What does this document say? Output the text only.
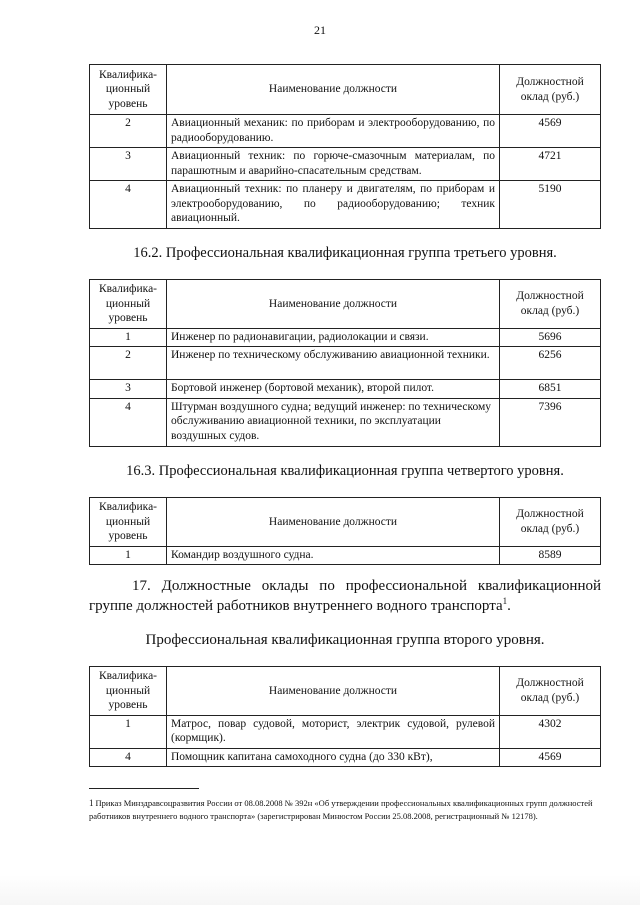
21
Квалифика- ционный уровень	Наименование должности	Должностной оклад (руб.)

2	Авиационный механик: по приборам и электрооборудованию, по радиооборудованию.	4569
3	Авиационный техник: по горюче-смазочным материалам, по парашютным и аварийно-спасательным средствам.	4721
4	Авиационный техник: по планеру и двигателям, по приборам и электрооборудованию, по радиооборудованию; техник авиационный.	5190
16.2. Профессиональная квалификационная группа третьего уровня.
Квалифика- ционный уровень	Наименование должности	Должностной оклад (руб.)

1	Инженер по радионавигации, радиолокации и связи.	5696
2	Инженер по техническому обслуживанию авиационной техники.	6256
3	Бортовой инженер (бортовой механик), второй пилот.	6851
4	Штурман воздушного судна; ведущий инженер: по техническому обслуживанию авиационной техники, по эксплуатации воздушных судов.	7396
16.3. Профессиональная квалификационная группа четвертого уровня.
Квалифика- ционный уровень	Наименование должности	Должностной оклад (руб.)

1	Командир воздушного судна.	8589
17. Должностные оклады по профессиональной квалификационной группе должностей работников внутреннего водного транспорта$^1$.
Профессиональная квалификационная группа второго уровня.
Квалифика- ционный уровень	Наименование должности	Должностной оклад (руб.)

1	Матрос, повар судовой, моторист, электрик судовой, рулевой (кормщик).	4302
4	Помощник капитана самоходного судна (до 330 кВт),	4569
1 Приказ Минздравсоцразвития России от 08.08.2008 № 392н «Об утверждении профессиональных квалификационных групп должностей работников внутреннего водного транспорта» (зарегистрирован Минюстом России 25.08.2008, регистрационный № 12178).
